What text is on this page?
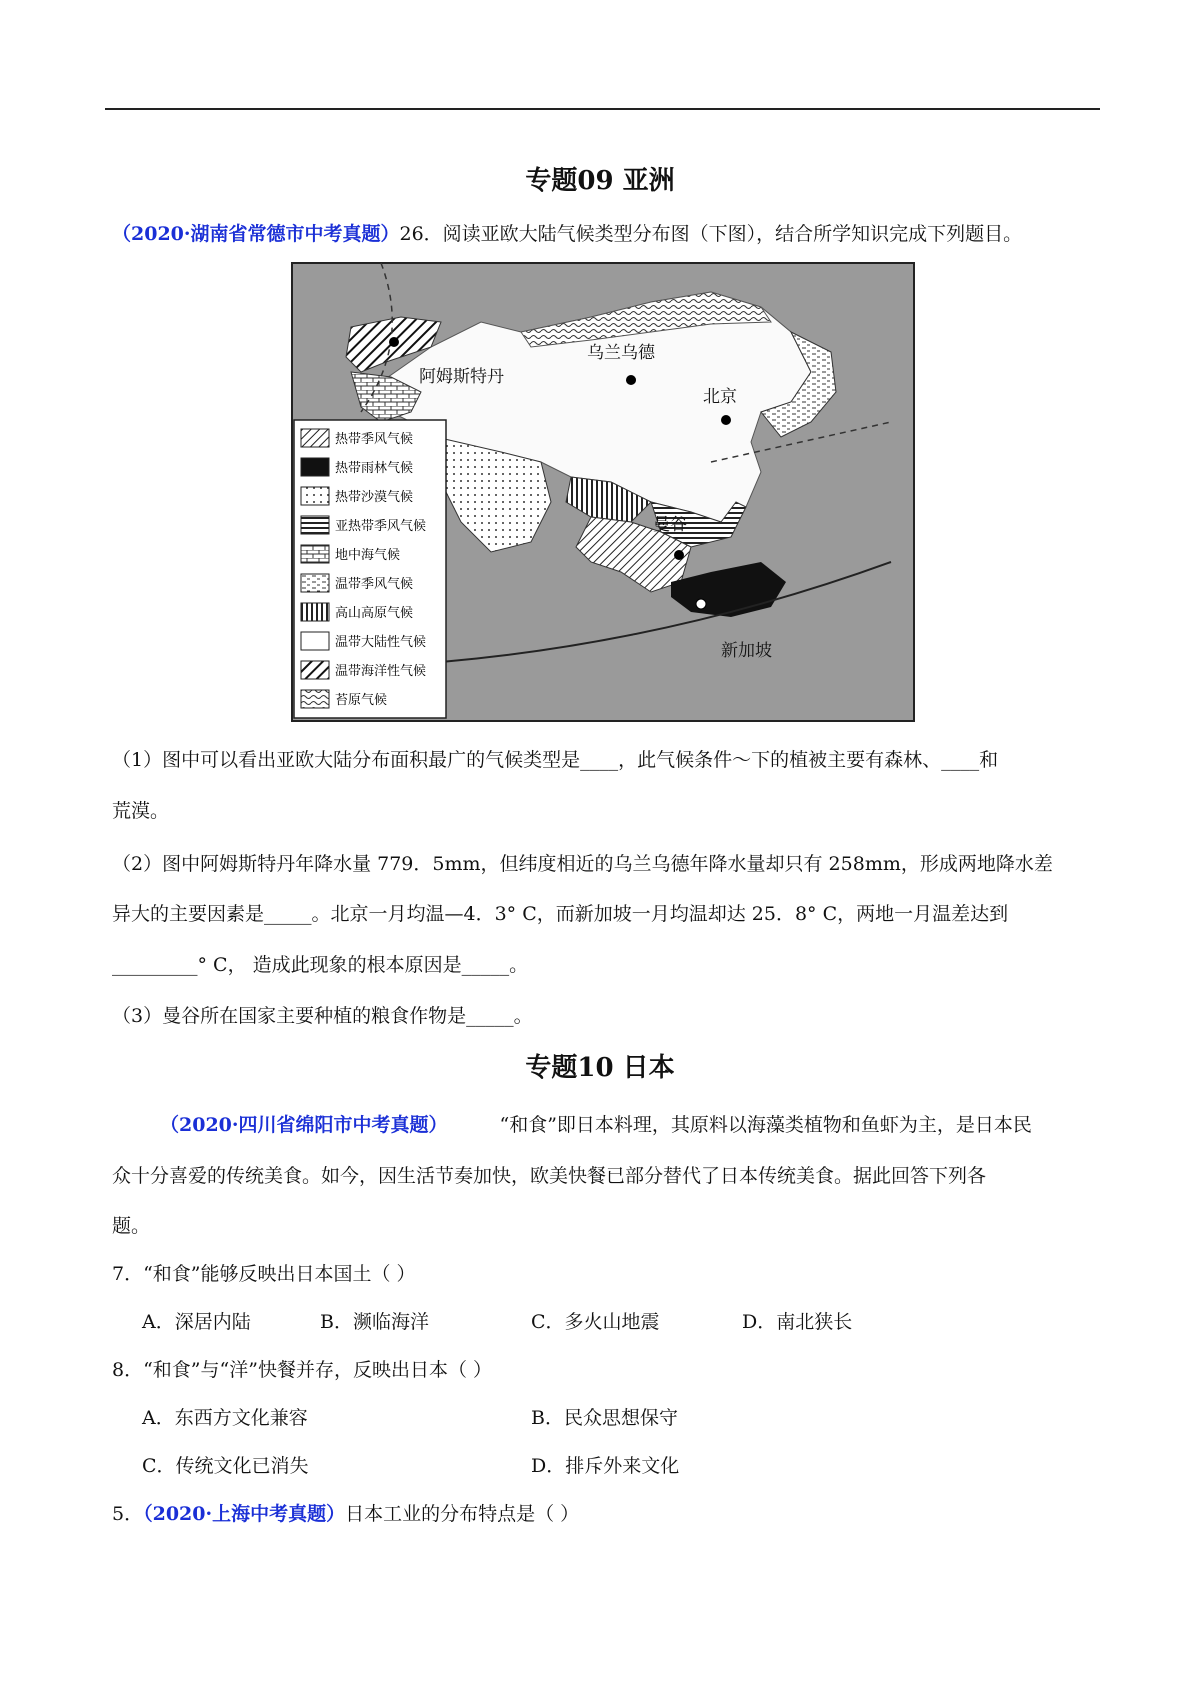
专题09 亚洲
（2020·湖南省常德市中考真题）26．阅读亚欧大陆气候类型分布图（下图），结合所学知识完成下列题目。
阿姆斯特丹
乌兰乌德
北京
曼谷
新加坡
热带季风气候
热带雨林气候
热带沙漠气候
亚热带季风气候
地中海气候
温带季风气候
高山高原气候
温带大陆性气候
温带海洋性气候
苔原气候
（1）图中可以看出亚欧大陆分布面积最广的气候类型是____，此气候条件～下的植被主要有森林、____和
荒漠。
（2）图中阿姆斯特丹年降水量 779．5mm，但纬度相近的乌兰乌德年降水量却只有 258mm，形成两地降水差
异大的主要因素是_____。北京一月均温—4．3° C，而新加坡一月均温却达 25．8° C，两地一月温差达到
_________° C， 造成此现象的根本原因是_____。
（3）曼谷所在国家主要种植的粮食作物是_____。
专题10 日本
（2020·四川省绵阳市中考真题）	“和食”即日本料理，其原料以海藻类植物和鱼虾为主，是日本民
众十分喜爱的传统美食。如今，因生活节奏加快，欧美快餐已部分替代了日本传统美食。据此回答下列各
题。
7．“和食”能够反映出日本国土（ ）
A．深居内陆	B．濒临海洋	C．多火山地震	D．南北狭长
8．“和食”与“洋”快餐并存，反映出日本（ ）
A．东西方文化兼容	B．民众思想保守
C．传统文化已消失	D．排斥外来文化
5．（2020·上海中考真题）日本工业的分布特点是（ ）
